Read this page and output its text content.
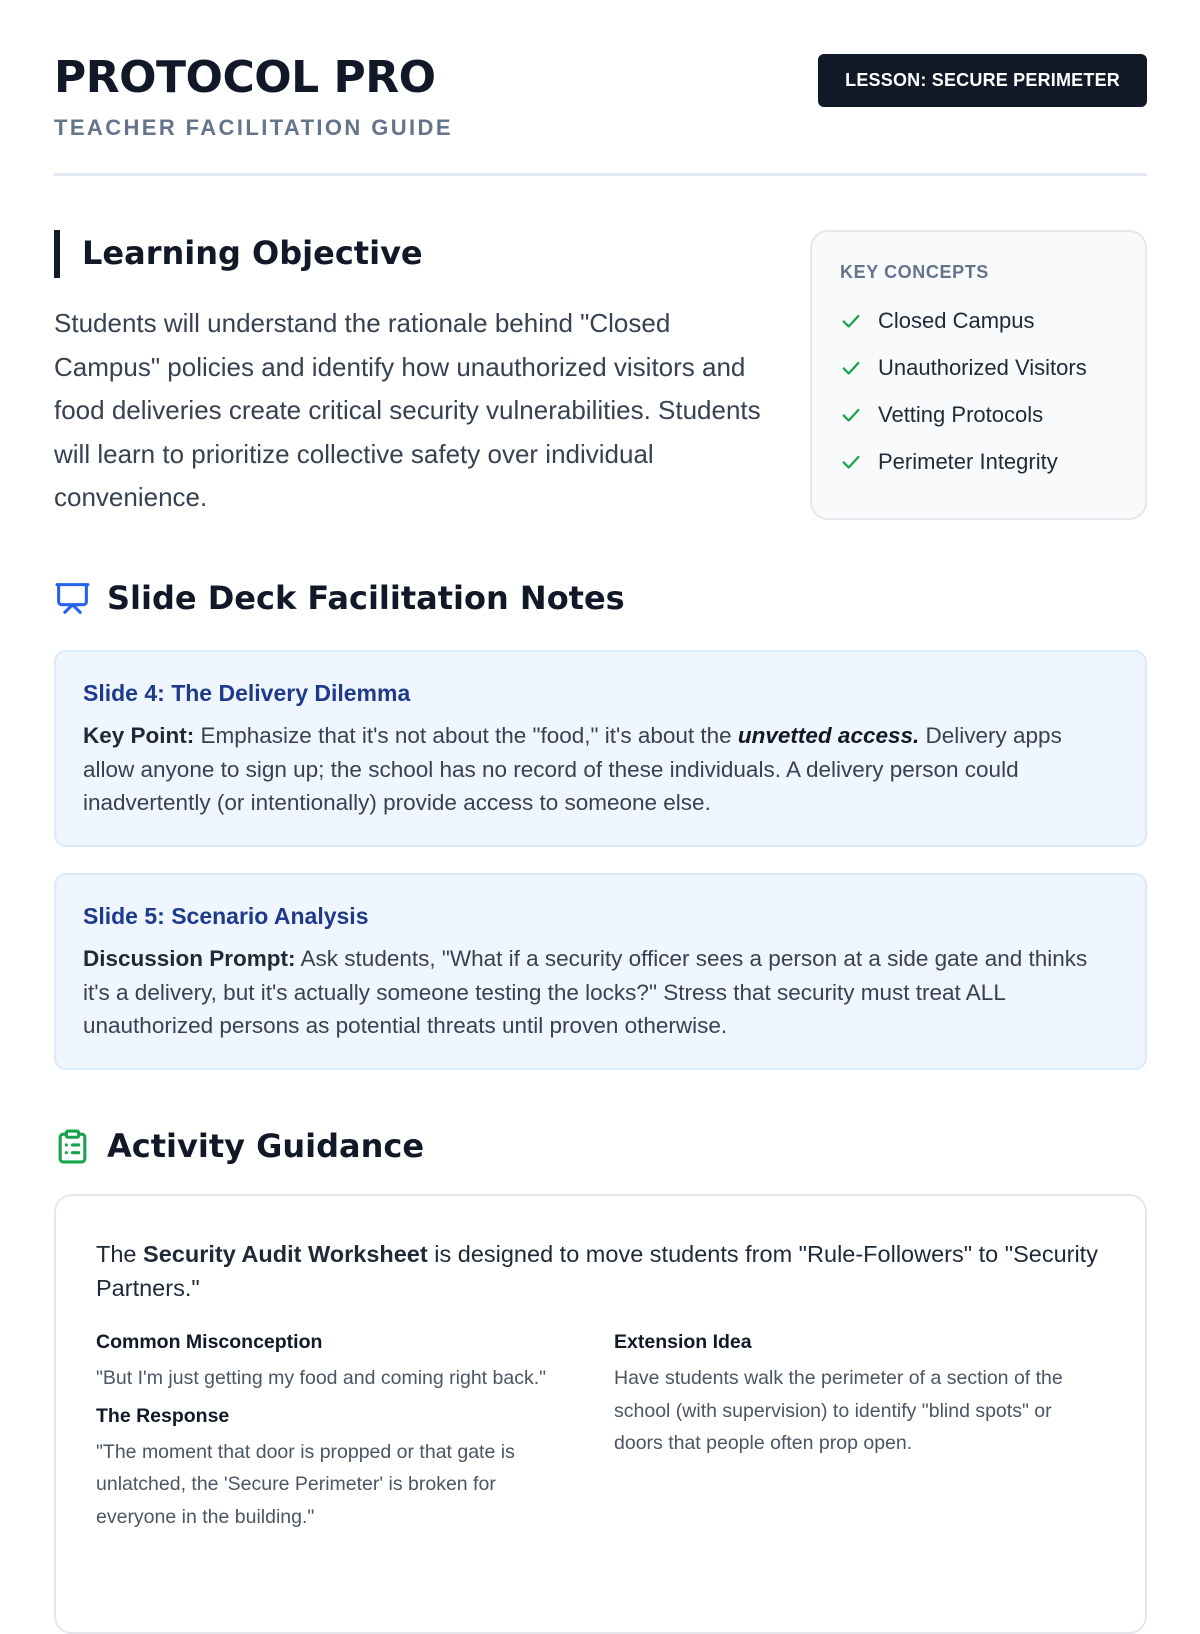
PROTOCOL PRO
TEACHER FACILITATION GUIDE
LESSON: SECURE PERIMETER
Learning Objective
Students will understand the rationale behind "Closed Campus" policies and identify how unauthorized visitors and food deliveries create critical security vulnerabilities. Students will learn to prioritize collective safety over individual convenience.
KEY CONCEPTS
Closed Campus
Unauthorized Visitors
Vetting Protocols
Perimeter Integrity
Slide Deck Facilitation Notes
Slide 4: The Delivery Dilemma
Key Point: Emphasize that it's not about the "food," it's about the unvetted access. Delivery apps allow anyone to sign up; the school has no record of these individuals. A delivery person could inadvertently (or intentionally) provide access to someone else.
Slide 5: Scenario Analysis
Discussion Prompt: Ask students, "What if a security officer sees a person at a side gate and thinks it's a delivery, but it's actually someone testing the locks?" Stress that security must treat ALL unauthorized persons as potential threats until proven otherwise.
Activity Guidance
The Security Audit Worksheet is designed to move students from "Rule-Followers" to "Security Partners."
Common Misconception
"But I'm just getting my food and coming right back."
The Response
"The moment that door is propped or that gate is unlatched, the 'Secure Perimeter' is broken for everyone in the building."
Extension Idea
Have students walk the perimeter of a section of the school (with supervision) to identify "blind spots" or doors that people often prop open.
